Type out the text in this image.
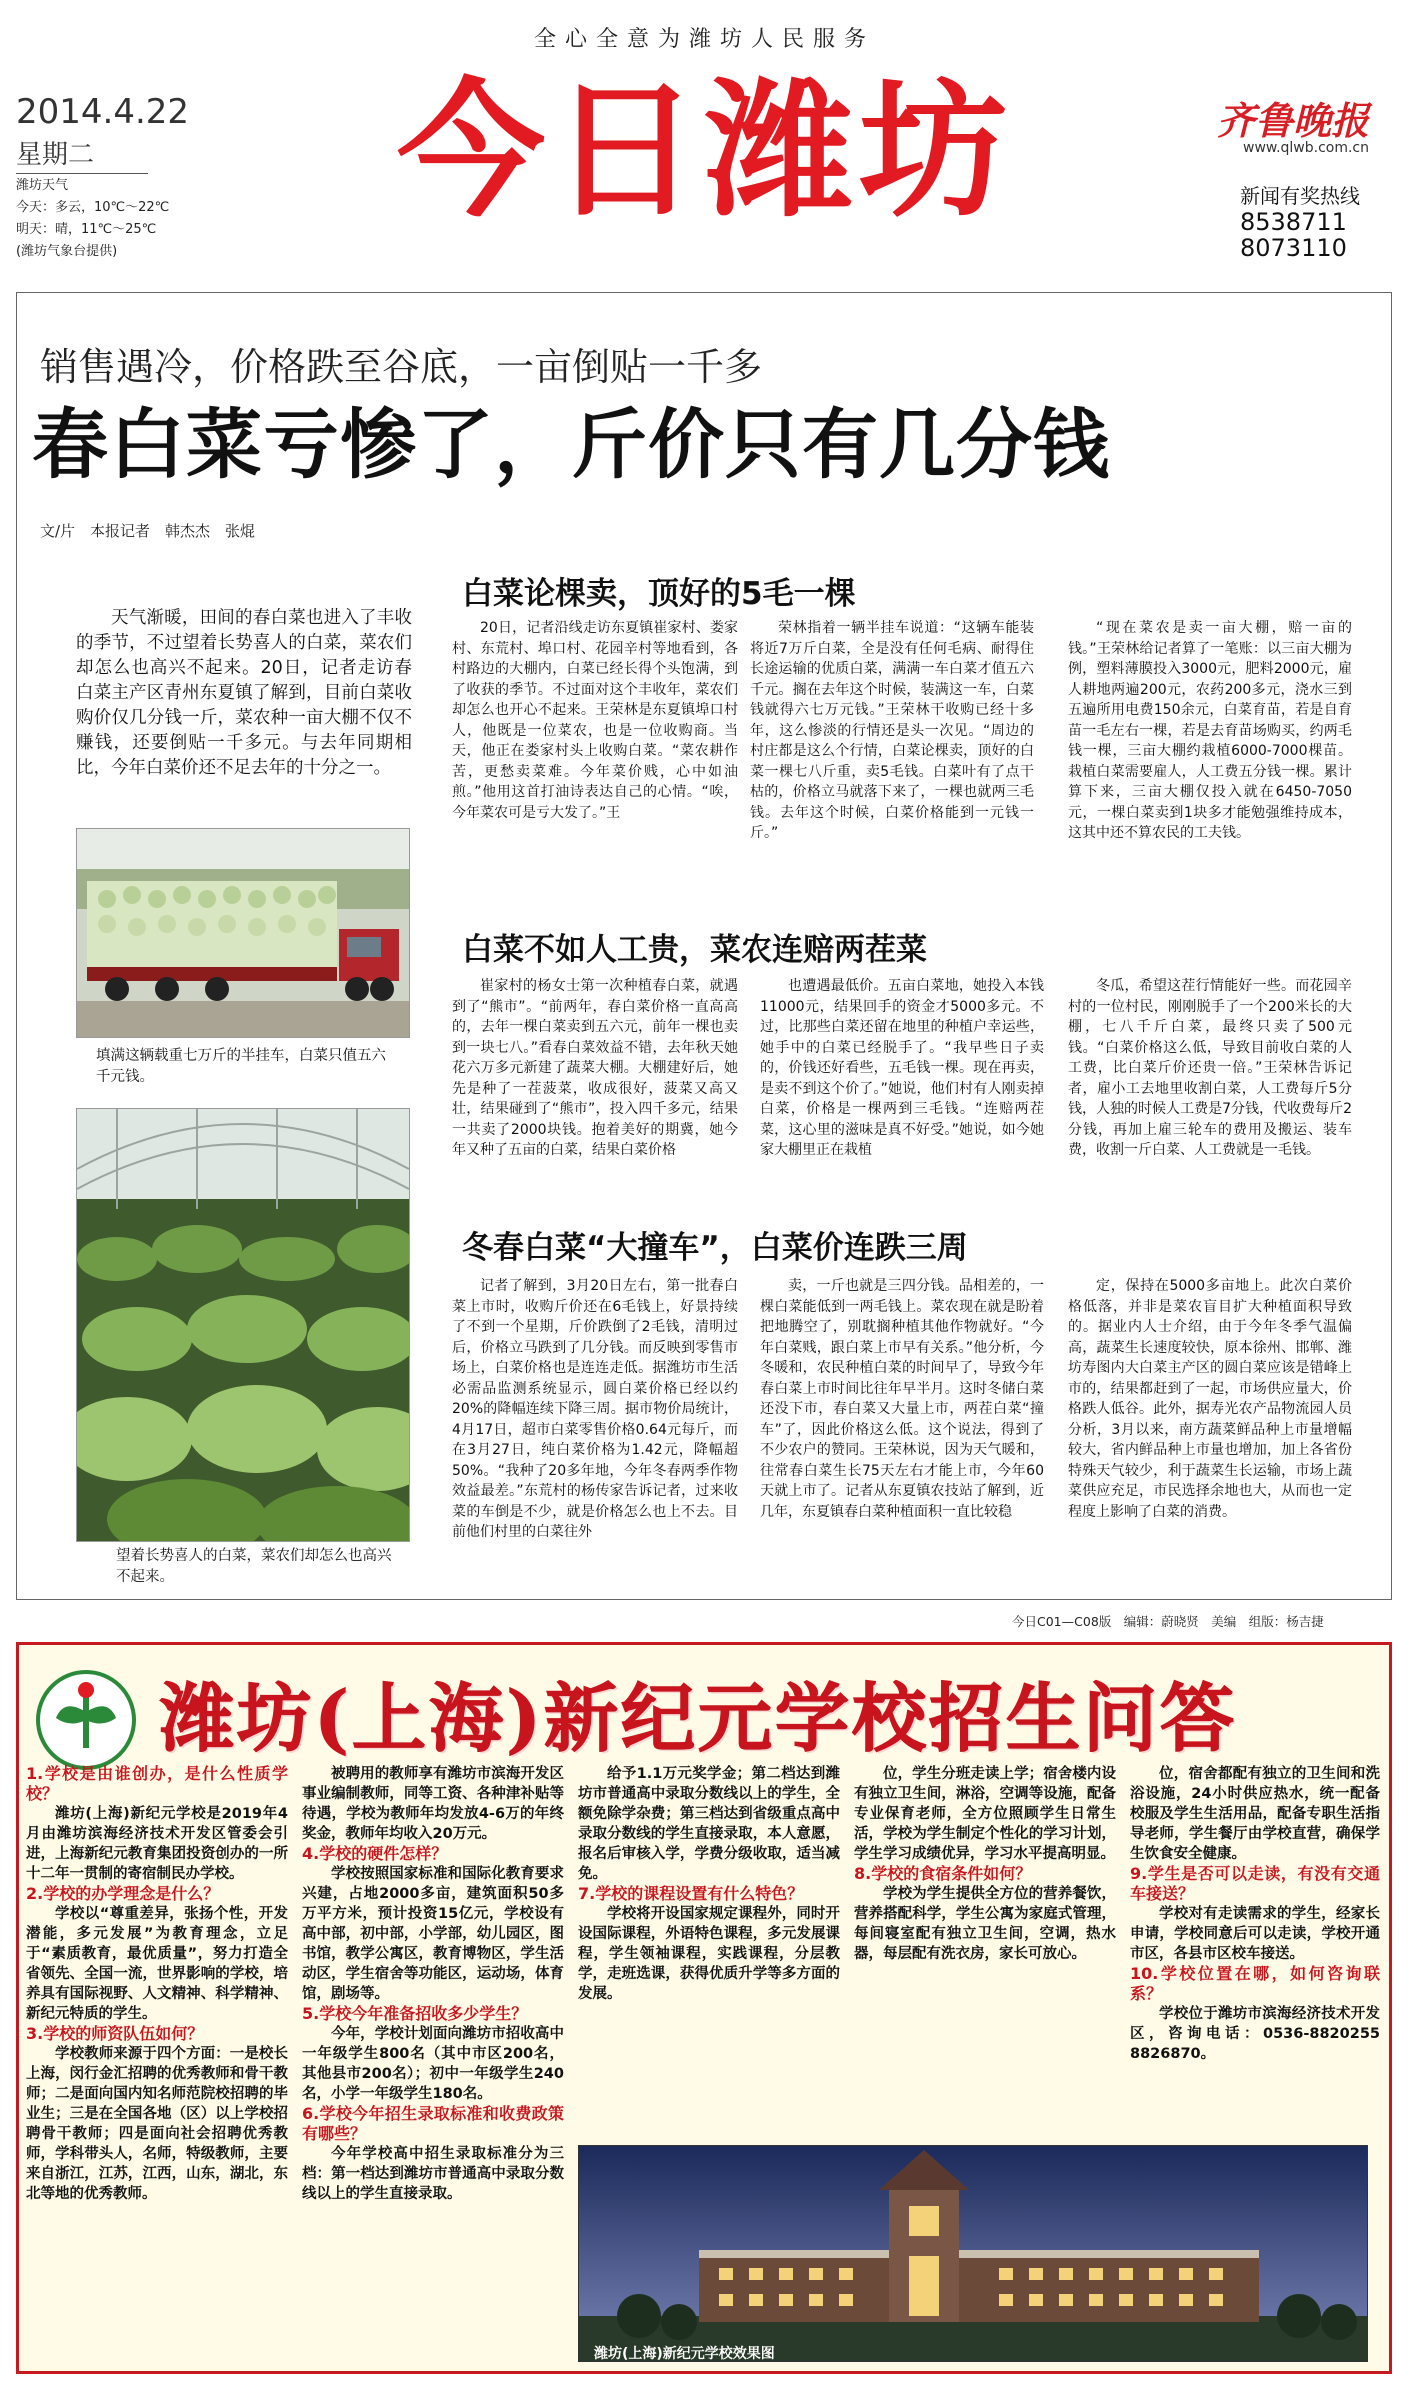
全心全意为潍坊人民服务
2014.4.22
星期二
潍坊天气
今天：多云，10℃～22℃
明天：晴，11℃～25℃
(潍坊气象台提供)
今日潍坊	齐鲁晚报
www.qlwb.com.cn
新闻有奖热线
8538711
8073110
销售遇冷，价格跌至谷底，一亩倒贴一千多
春白菜亏惨了，斤价只有几分钱
文/片　本报记者　韩杰杰　张焜

天气渐暖，田间的春白菜也进入了丰收的季节，不过望着长势喜人的白菜，菜农们却怎么也高兴不起来。20日，记者走访春白菜主产区青州东夏镇了解到，目前白菜收购价仅几分钱一斤，菜农种一亩大棚不仅不赚钱，还要倒贴一千多元。与去年同期相比，今年白菜价还不足去年的十分之一。

填满这辆载重七万斤的半挂车，白菜只值五六千元钱。
望着长势喜人的白菜，菜农们却怎么也高兴不起来。
白菜论棵卖，顶好的5毛一棵

20日，记者沿线走访东夏镇崔家村、娄家村、东荒村、埠口村、花园辛村等地看到，各村路边的大棚内，白菜已经长得个头饱满，到了收获的季节。不过面对这个丰收年，菜农们却怎么也开心不起来。王荣林是东夏镇埠口村人，他既是一位菜农，也是一位收购商。当天，他正在娄家村头上收购白菜。“菜农耕作苦，更愁卖菜难。今年菜价贱，心中如油煎。”他用这首打油诗表达自己的心情。“唉，今年菜农可是亏大发了。”王

荣林指着一辆半挂车说道：“这辆车能装将近7万斤白菜，全是没有任何毛病、耐得住长途运输的优质白菜，满满一车白菜才值五六千元。搁在去年这个时候，装满这一车，白菜钱就得六七万元钱。”王荣林干收购已经十多年，这么惨淡的行情还是头一次见。“周边的村庄都是这么个行情，白菜论棵卖，顶好的白菜一棵七八斤重，卖5毛钱。白菜叶有了点干枯的，价格立马就落下来了，一棵也就两三毛钱。去年这个时候，白菜价格能到一元钱一斤。”

“现在菜农是卖一亩大棚，赔一亩的钱。”王荣林给记者算了一笔账：以三亩大棚为例，塑料薄膜投入3000元，肥料2000元，雇人耕地两遍200元，农药200多元，浇水三到五遍所用电费150余元，白菜育苗，若是自育苗一毛左右一棵，若是去育苗场购买，约两毛钱一棵，三亩大棚约栽植6000-7000棵苗。栽植白菜需要雇人，人工费五分钱一棵。累计算下来，三亩大棚仅投入就在6450-7050元，一棵白菜卖到1块多才能勉强维持成本，这其中还不算农民的工夫钱。

白菜不如人工贵，菜农连赔两茬菜

崔家村的杨女士第一次种植春白菜，就遇到了“熊市”。“前两年，春白菜价格一直高高的，去年一棵白菜卖到五六元，前年一棵也卖到一块七八。”看春白菜效益不错，去年秋天她花六万多元新建了蔬菜大棚。大棚建好后，她先是种了一茬菠菜，收成很好，菠菜又高又壮，结果碰到了“熊市”，投入四千多元，结果一共卖了2000块钱。抱着美好的期冀，她今年又种了五亩的白菜，结果白菜价格

也遭遇最低价。五亩白菜地，她投入本钱11000元，结果回手的资金才5000多元。不过，比那些白菜还留在地里的种植户幸运些，她手中的白菜已经脱手了。“我早些日子卖的，价钱还好看些，五毛钱一棵。现在再卖，是卖不到这个价了。”她说，他们村有人刚卖掉白菜，价格是一棵两到三毛钱。“连赔两茬菜，这心里的滋味是真不好受。”她说，如今她家大棚里正在栽植

冬瓜，希望这茬行情能好一些。而花园辛村的一位村民，刚刚脱手了一个200米长的大棚，七八千斤白菜，最终只卖了500元钱。“白菜价格这么低，导致目前收白菜的人工费，比白菜斤价还贵一倍。”王荣林告诉记者，雇小工去地里收割白菜，人工费每斤5分钱，人独的时候人工费是7分钱，代收费每斤2分钱，再加上雇三轮车的费用及搬运、装车费，收割一斤白菜、人工费就是一毛钱。

冬春白菜“大撞车”，白菜价连跌三周

记者了解到，3月20日左右，第一批春白菜上市时，收购斤价还在6毛钱上，好景持续了不到一个星期，斤价跌倒了2毛钱，清明过后，价格立马跌到了几分钱。而反映到零售市场上，白菜价格也是连连走低。据潍坊市生活必需品监测系统显示，圆白菜价格已经以约20%的降幅连续下降三周。据市物价局统计，4月17日，超市白菜零售价格0.64元每斤，而在3月27日，纯白菜价格为1.42元，降幅超50%。“我种了20多年地，今年冬春两季作物效益最差。”东荒村的杨传家告诉记者，过来收菜的车倒是不少，就是价格怎么也上不去。目前他们村里的白菜往外

卖，一斤也就是三四分钱。品相差的，一棵白菜能低到一两毛钱上。菜农现在就是盼着把地腾空了，别耽搁种植其他作物就好。“今年白菜贱，跟白菜上市早有关系。”他分析，今冬暖和，农民种植白菜的时间早了，导致今年春白菜上市时间比往年早半月。这时冬储白菜还没下市，春白菜又大量上市，两茬白菜“撞车”了，因此价格这么低。这个说法，得到了不少农户的赞同。王荣林说，因为天气暖和，往常春白菜生长75天左右才能上市，今年60天就上市了。记者从东夏镇农技站了解到，近几年，东夏镇春白菜种植面积一直比较稳

定，保持在5000多亩地上。此次白菜价格低落，并非是菜农盲目扩大种植面积导致的。据业内人士介绍，由于今年冬季气温偏高，蔬菜生长速度较快，原本徐州、邯郸、潍坊寿图内大白菜主产区的圆白菜应该是错峰上市的，结果都赶到了一起，市场供应量大，价格跌人低谷。此外，据寿光农产品物流园人员分析，3月以来，南方蔬菜鲜品种上市量增幅较大，省内鲜品种上市量也增加，加上各省份特殊天气较少，利于蔬菜生长运输，市场上蔬菜供应充足，市民选择余地也大，从而也一定程度上影响了白菜的消费。

今日C01—C08版　编辑：蔚晓贤　美编　组版：杨吉捷
潍坊(上海)新纪元学校招生问答
1.学校是由谁创办，是什么性质学校？

潍坊(上海)新纪元学校是2019年4月由潍坊滨海经济技术开发区管委会引进，上海新纪元教育集团投资创办的一所十二年一贯制的寄宿制民办学校。

2.学校的办学理念是什么？

学校以“尊重差异，张扬个性，开发潜能，多元发展”为教育理念，立足于“素质教育，最优质量”，努力打造全省领先、全国一流，世界影响的学校，培养具有国际视野、人文精神、科学精神、新纪元特质的学生。

3.学校的师资队伍如何？

学校教师来源于四个方面：一是校长上海，闵行金汇招聘的优秀教师和骨干教师；二是面向国内知名师范院校招聘的毕业生；三是在全国各地（区）以上学校招聘骨干教师；四是面向社会招聘优秀教师，学科带头人，名师，特级教师，主要来自浙江，江苏，江西，山东，湖北，东北等地的优秀教师。

被聘用的教师享有潍坊市滨海开发区事业编制教师，同等工资、各种津补贴等待遇，学校为教师年均发放4-6万的年终奖金，教师年均收入20万元。

4.学校的硬件怎样？

学校按照国家标准和国际化教育要求兴建，占地2000多亩，建筑面积50多万平方米，预计投资15亿元，学校设有高中部，初中部，小学部，幼儿园区，图书馆，教学公寓区，教育博物区，学生活动区，学生宿舍等功能区，运动场，体育馆，剧场等。

5.学校今年准备招收多少学生？

今年，学校计划面向潍坊市招收高中一年级学生800名（其中市区200名，其他县市200名）；初中一年级学生240名，小学一年级学生180名。

6.学校今年招生录取标准和收费政策有哪些？

今年学校高中招生录取标准分为三档：第一档达到潍坊市普通高中录取分数线以上的学生直接录取。

给予1.1万元奖学金；第二档达到潍坊市普通高中录取分数线以上的学生，全额免除学杂费；第三档达到省级重点高中录取分数线的学生直接录取，本人意愿，报名后审核入学，学费分级收取，适当减免。

7.学校的课程设置有什么特色？

学校将开设国家规定课程外，同时开设国际课程，外语特色课程，多元发展课程，学生领袖课程，实践课程，分层教学，走班选课，获得优质升学等多方面的发展。

位，学生分班走读上学；宿舍楼内设有独立卫生间，淋浴，空调等设施，配备专业保育老师，全方位照顾学生日常生活，学校为学生制定个性化的学习计划，学生学习成绩优异，学习水平提高明显。

8.学校的食宿条件如何？

学校为学生提供全方位的营养餐饮，营养搭配科学，学生公寓为家庭式管理，每间寝室配有独立卫生间，空调，热水器，每层配有洗衣房，家长可放心。

位，宿舍都配有独立的卫生间和洗浴设施，24小时供应热水，统一配备校服及学生生活用品，配备专职生活指导老师，学生餐厅由学校直营，确保学生饮食安全健康。

9.学生是否可以走读，有没有交通车接送？

学校对有走读需求的学生，经家长申请，学校同意后可以走读，学校开通市区，各县市区校车接送。

10.学校位置在哪，如何咨询联系？

学校位于潍坊市滨海经济技术开发区，咨询电话：0536-8820255 8826870。

潍坊(上海)新纪元学校效果图
